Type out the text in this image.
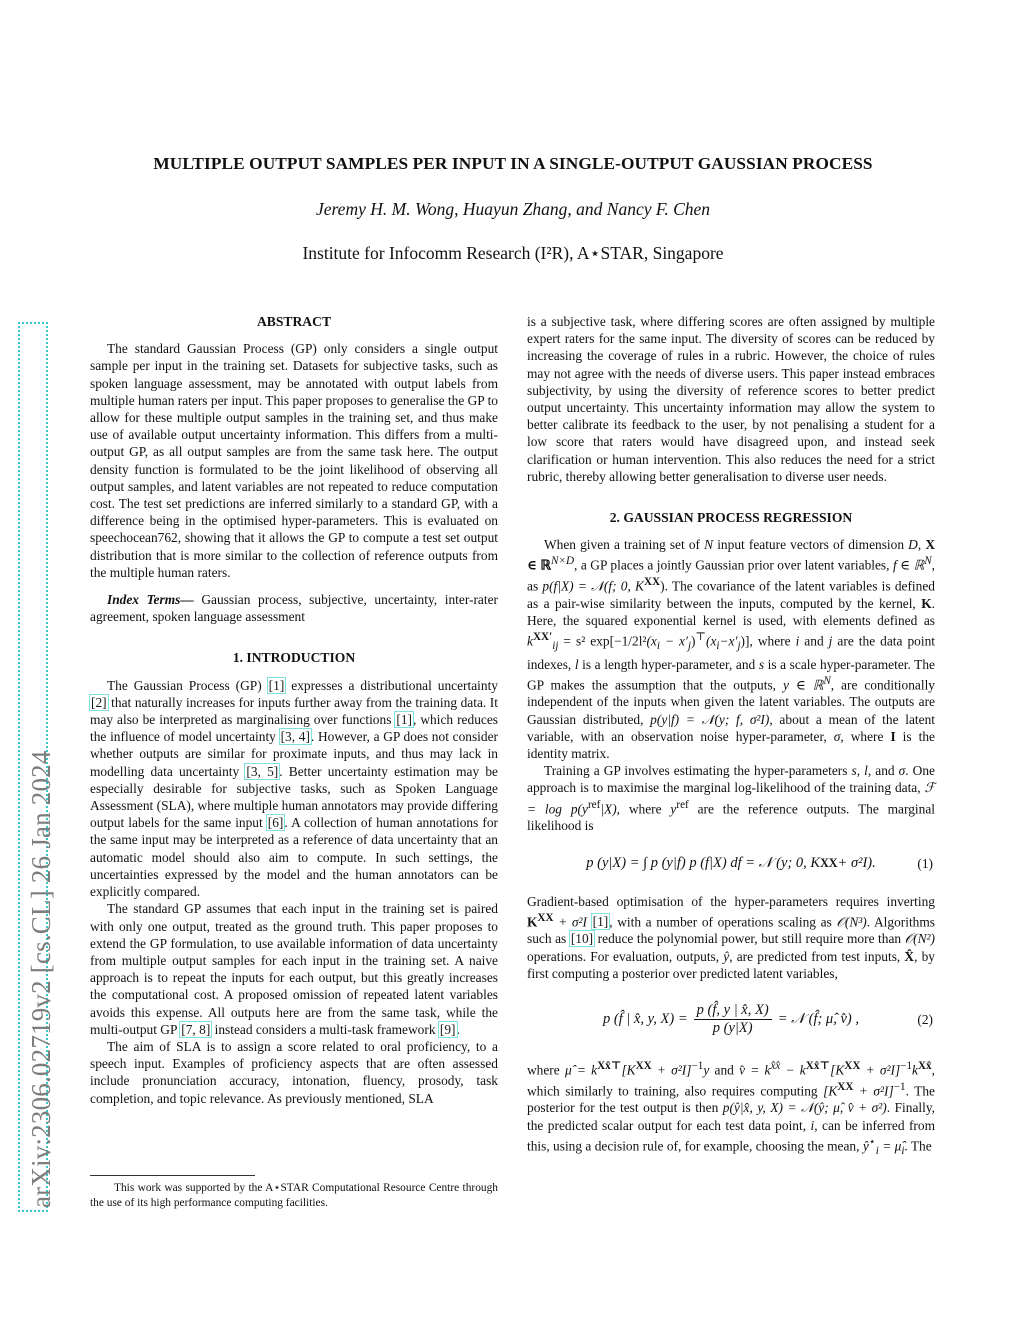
arXiv:2306.02719v2 [cs.CL] 26 Jan 2024
MULTIPLE OUTPUT SAMPLES PER INPUT IN A SINGLE-OUTPUT GAUSSIAN PROCESS
Jeremy H. M. Wong, Huayun Zhang, and Nancy F. Chen
Institute for Infocomm Research (I²R), A⋆STAR, Singapore
ABSTRACT

The standard Gaussian Process (GP) only considers a single output sample per input in the training set. Datasets for subjective tasks, such as spoken language assessment, may be annotated with output labels from multiple human raters per input. This paper proposes to generalise the GP to allow for these multiple output samples in the training set, and thus make use of available output uncertainty information. This differs from a multi-output GP, as all output samples are from the same task here. The output density function is formulated to be the joint likelihood of observing all output samples, and latent variables are not repeated to reduce computation cost. The test set predictions are inferred similarly to a standard GP, with a difference being in the optimised hyper-parameters. This is evaluated on speechocean762, showing that it allows the GP to compute a test set output distribution that is more similar to the collection of reference outputs from the multiple human raters.

Index Terms— Gaussian process, subjective, uncertainty, inter-rater agreement, spoken language assessment

1. INTRODUCTION

The Gaussian Process (GP) [1] expresses a distributional uncertainty [2] that naturally increases for inputs further away from the training data. It may also be interpreted as marginalising over functions [1], which reduces the influence of model uncertainty [3, 4]. However, a GP does not consider whether outputs are similar for proximate inputs, and thus may lack in modelling data uncertainty [3, 5]. Better uncertainty estimation may be especially desirable for subjective tasks, such as Spoken Language Assessment (SLA), where multiple human annotators may provide differing output labels for the same input [6]. A collection of human annotations for the same input may be interpreted as a reference of data uncertainty that an automatic model should also aim to compute. In such settings, the uncertainties expressed by the model and the human annotators can be explicitly compared.

The standard GP assumes that each input in the training set is paired with only one output, treated as the ground truth. This paper proposes to extend the GP formulation, to use available information of data uncertainty from multiple output samples for each input in the training set. A naive approach is to repeat the inputs for each output, but this greatly increases the computational cost. A proposed omission of repeated latent variables avoids this expense. All outputs here are from the same task, while the multi-output GP [7, 8] instead considers a multi-task framework [9].

The aim of SLA is to assign a score related to oral proficiency, to a speech input. Examples of proficiency aspects that are often assessed include pronunciation accuracy, intonation, fluency, prosody, task completion, and topic relevance. As previously mentioned, SLA

This work was supported by the A⋆STAR Computational Resource Centre through the use of its high performance computing facilities.

is a subjective task, where differing scores are often assigned by multiple expert raters for the same input. The diversity of scores can be reduced by increasing the coverage of rules in a rubric. However, the choice of rules may not agree with the needs of diverse users. This paper instead embraces subjectivity, by using the diversity of reference scores to better predict output uncertainty. This uncertainty information may allow the system to better calibrate its feedback to the user, by not penalising a student for a low score that raters would have disagreed upon, and instead seek clarification or human intervention. This also reduces the need for a strict rubric, thereby allowing better generalisation to diverse user needs.

2. GAUSSIAN PROCESS REGRESSION

When given a training set of N input feature vectors of dimension D, X ∈ ℝ$^{N\times D}$, a GP places a jointly Gaussian prior over latent variables, f ∈ ℝ$^N$, as p(f|X) = 𝒩(f; 0, $K^{XX}$). The covariance of the latent variables is defined as a pair-wise similarity between the inputs, computed by the kernel, K. Here, the squared exponential kernel is used, with elements defined as $k^{XX'}_{ij} = s^2$ $\exp[-1/2l^2(x_i - x'_j)^⊤(x_i-x'_j)]$, where i and j are the data point indexes, l is a length hyper-parameter, and s is a scale hyper-parameter. The GP makes the assumption that the outputs, y ∈ ℝ$^N$, are conditionally independent of the inputs when given the latent variables. The outputs are Gaussian distributed, p(y|f) = 𝒩(y; f, σ²I), about a mean of the latent variable, with an observation noise hyper-parameter, σ, where I is the identity matrix.

Training a GP involves estimating the hyper-parameters s, l, and σ. One approach is to maximise the marginal log-likelihood of the training data, ℱ = $\log p(y^{ref}|X)$, where $y^{ref}$ are the reference outputs. The marginal likelihood is

p (y|X) = ∫ p (y|f) p (f|X) df = 𝒩 (y; 0, K XX + σ²I).	(1)

Gradient-based optimisation of the hyper-parameters requires inverting $K^{XX} + \sigma^2I$ [1], with a number of operations scaling as 𝒪(N³). Algorithms such as [10] reduce the polynomial power, but still require more than 𝒪(N²) operations. For evaluation, outputs, ŷ, are predicted from test inputs, X̂, by first computing a posterior over predicted latent variables,

p (f̂ | x̂, y, $X) = \frac{p (f̂, y | x̂, X)}{p (y|X)}$ = 𝒩 (f̂; μ̂, v̂) ,	(2)

where μ̂ = $k^{Xx̂⊤}[K^{XX} + \sigma^2I]^{-1}y$ and v̂ = $k^{x̂x̂} - k^{Xx̂⊤}[K^{XX} + \sigma^2I]^{-1}k^{Xx̂}$, which similarly to training, also requires computing $[K^{XX} + \sigma^2I]^{-1}$. The posterior for the test output is then p(ŷ|x̂, y, X) = 𝒩(ŷ; μ̂, v̂ + σ²). Finally, the predicted scalar output for each test data point, i, can be inferred from this, using a decision rule of, for example, choosing the mean, $ŷ^⋆_i$ = $\mû_i$. The
